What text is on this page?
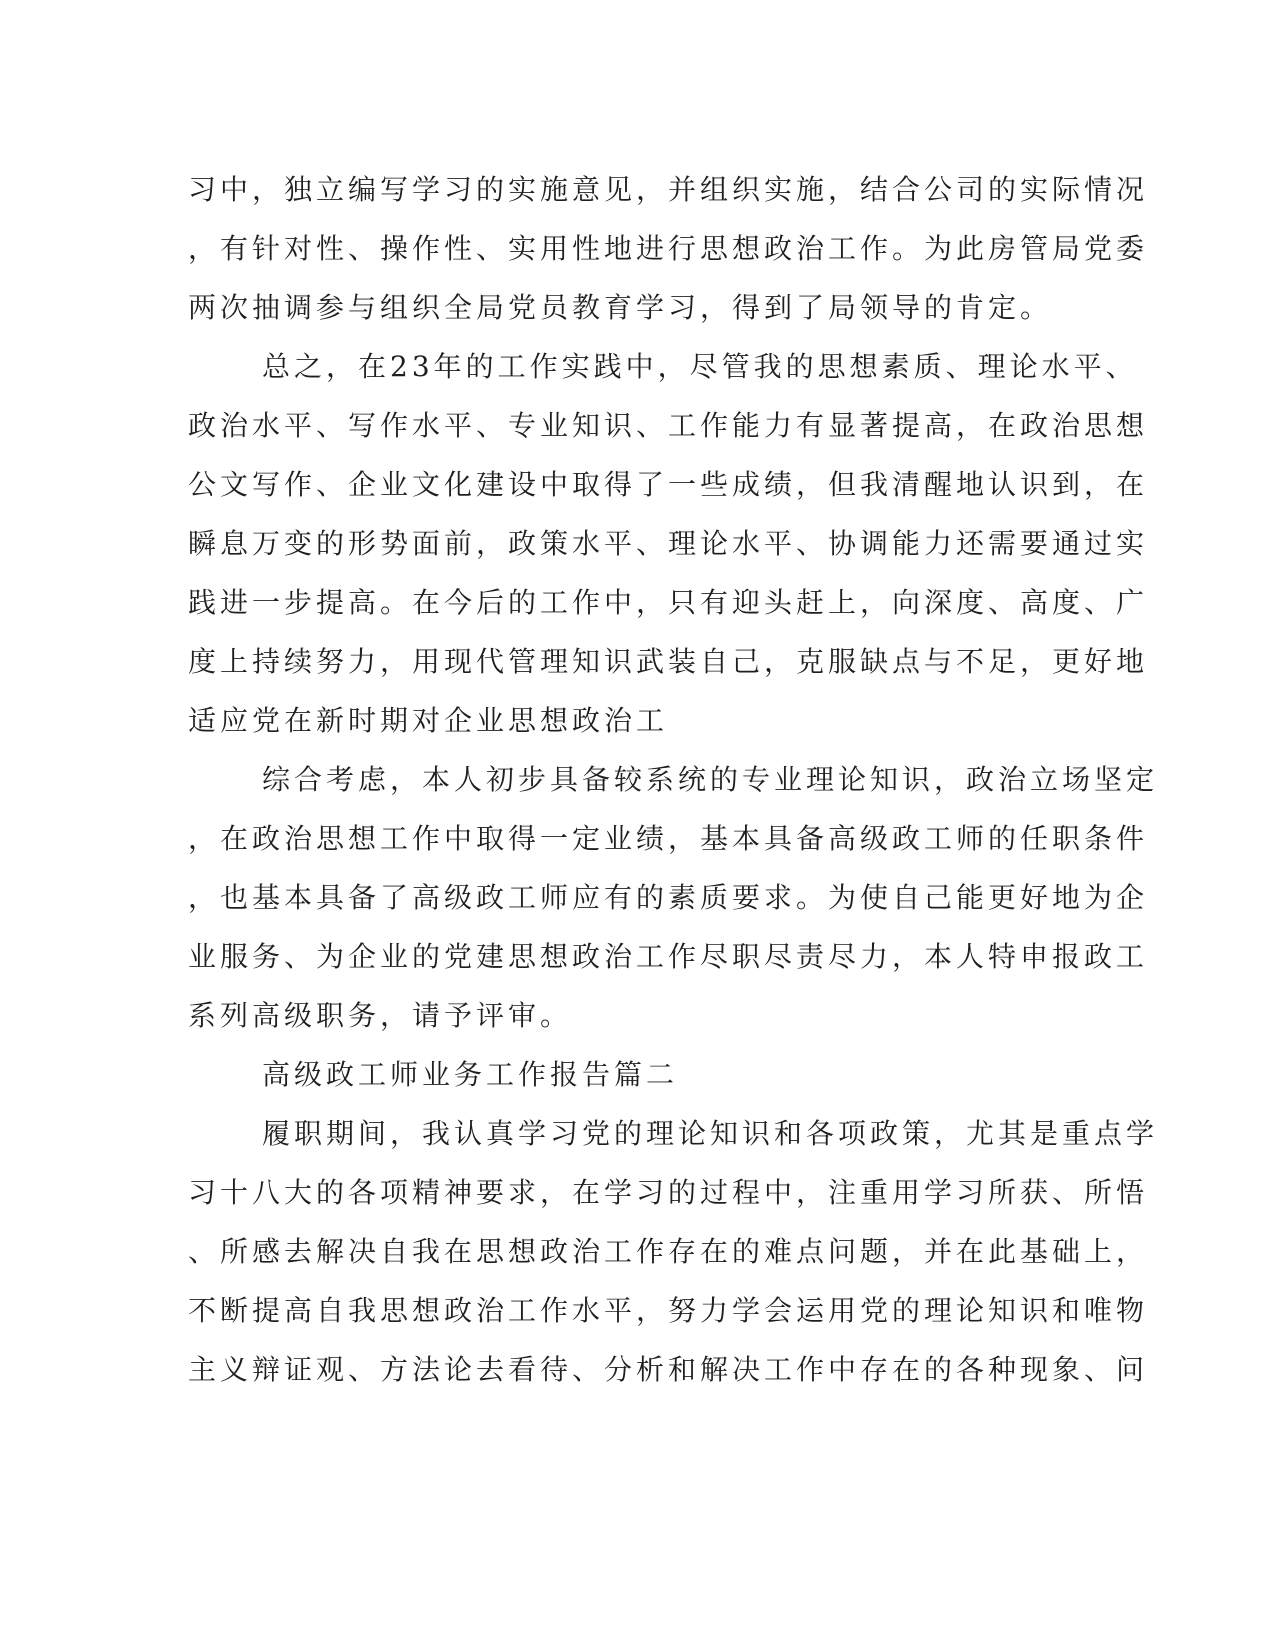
习中，独立编写学习的实施意见，并组织实施，结合公司的实际情况
，有针对性、操作性、实用性地进行思想政治工作。为此房管局党委
两次抽调参与组织全局党员教育学习，得到了局领导的肯定。
总之，在23年的工作实践中，尽管我的思想素质、理论水平、
政治水平、写作水平、专业知识、工作能力有显著提高，在政治思想
公文写作、企业文化建设中取得了一些成绩，但我清醒地认识到，在
瞬息万变的形势面前，政策水平、理论水平、协调能力还需要通过实
践进一步提高。在今后的工作中，只有迎头赶上，向深度、高度、广
度上持续努力，用现代管理知识武装自己，克服缺点与不足，更好地
适应党在新时期对企业思想政治工
综合考虑，本人初步具备较系统的专业理论知识，政治立场坚定
，在政治思想工作中取得一定业绩，基本具备高级政工师的任职条件
，也基本具备了高级政工师应有的素质要求。为使自己能更好地为企
业服务、为企业的党建思想政治工作尽职尽责尽力，本人特申报政工
系列高级职务，请予评审。
高级政工师业务工作报告篇二
履职期间，我认真学习党的理论知识和各项政策，尤其是重点学
习十八大的各项精神要求，在学习的过程中，注重用学习所获、所悟
、所感去解决自我在思想政治工作存在的难点问题，并在此基础上，
不断提高自我思想政治工作水平，努力学会运用党的理论知识和唯物
主义辩证观、方法论去看待、分析和解决工作中存在的各种现象、问
